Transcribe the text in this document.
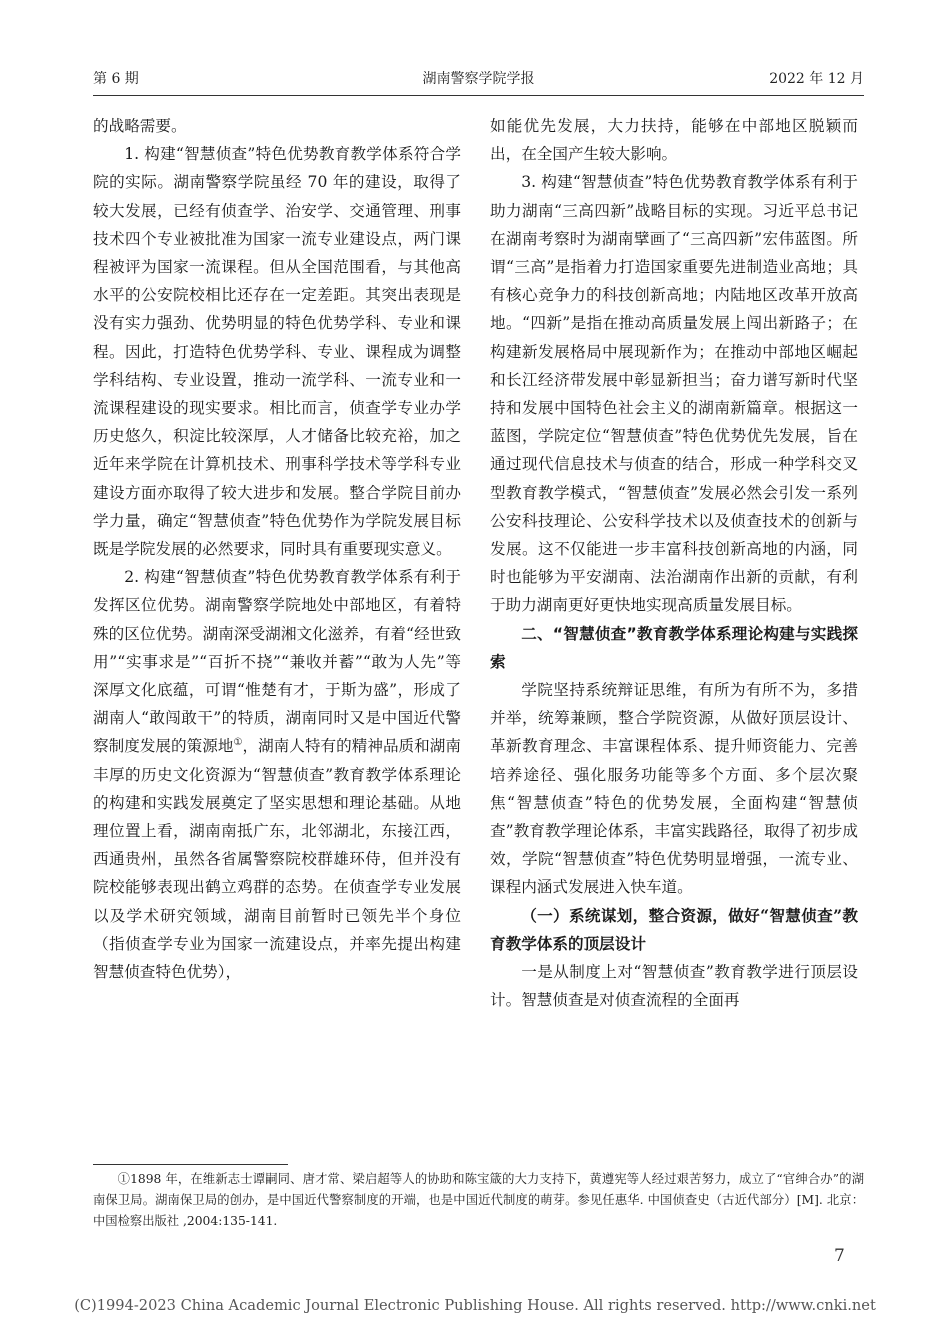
第 6 期	湖南警察学院学报	2022 年 12 月

的战略需要。

1. 构建“智慧侦查”特色优势教育教学体系符合学院的实际。湖南警察学院虽经 70 年的建设，取得了较大发展，已经有侦查学、治安学、交通管理、刑事技术四个专业被批准为国家一流专业建设点，两门课程被评为国家一流课程。但从全国范围看，与其他高水平的公安院校相比还存在一定差距。其突出表现是没有实力强劲、优势明显的特色优势学科、专业和课程。因此，打造特色优势学科、专业、课程成为调整学科结构、专业设置，推动一流学科、一流专业和一流课程建设的现实要求。相比而言，侦查学专业办学历史悠久，积淀比较深厚，人才储备比较充裕，加之近年来学院在计算机技术、刑事科学技术等学科专业建设方面亦取得了较大进步和发展。整合学院目前办学力量，确定“智慧侦查”特色优势作为学院发展目标既是学院发展的必然要求，同时具有重要现实意义。

2. 构建“智慧侦查”特色优势教育教学体系有利于发挥区位优势。湖南警察学院地处中部地区，有着特殊的区位优势。湖南深受湖湘文化滋养，有着“经世致用”“实事求是”“百折不挠”“兼收并蓄”“敢为人先”等深厚文化底蕴，可谓“惟楚有才，于斯为盛”，形成了湖南人“敢闯敢干”的特质，湖南同时又是中国近代警察制度发展的策源地①，湖南人特有的精神品质和湖南丰厚的历史文化资源为“智慧侦查”教育教学体系理论的构建和实践发展奠定了坚实思想和理论基础。从地理位置上看，湖南南抵广东，北邻湖北，东接江西，西通贵州，虽然各省属警察院校群雄环侍，但并没有院校能够表现出鹤立鸡群的态势。在侦查学专业发展以及学术研究领域，湖南目前暂时已领先半个身位（指侦查学专业为国家一流建设点，并率先提出构建智慧侦查特色优势），

如能优先发展，大力扶持，能够在中部地区脱颖而出，在全国产生较大影响。

3. 构建“智慧侦查”特色优势教育教学体系有利于助力湖南“三高四新”战略目标的实现。习近平总书记在湖南考察时为湖南擘画了“三高四新”宏伟蓝图。所谓“三高”是指着力打造国家重要先进制造业高地；具有核心竞争力的科技创新高地；内陆地区改革开放高地。“四新”是指在推动高质量发展上闯出新路子；在构建新发展格局中展现新作为；在推动中部地区崛起和长江经济带发展中彰显新担当；奋力谱写新时代坚持和发展中国特色社会主义的湖南新篇章。根据这一蓝图，学院定位“智慧侦查”特色优势优先发展，旨在通过现代信息技术与侦查的结合，形成一种学科交叉型教育教学模式，“智慧侦查”发展必然会引发一系列公安科技理论、公安科学技术以及侦查技术的创新与发展。这不仅能进一步丰富科技创新高地的内涵，同时也能够为平安湖南、法治湖南作出新的贡献，有利于助力湖南更好更快地实现高质量发展目标。

二、“智慧侦查”教育教学体系理论构建与实践探索

学院坚持系统辩证思维，有所为有所不为，多措并举，统筹兼顾，整合学院资源，从做好顶层设计、革新教育理念、丰富课程体系、提升师资能力、完善培养途径、强化服务功能等多个方面、多个层次聚焦“智慧侦查”特色的优势发展，全面构建“智慧侦查”教育教学理论体系，丰富实践路径，取得了初步成效，学院“智慧侦查”特色优势明显增强，一流专业、课程内涵式发展进入快车道。

（一）系统谋划，整合资源，做好“智慧侦查”教育教学体系的顶层设计

一是从制度上对“智慧侦查”教育教学进行顶层设计。智慧侦查是对侦查流程的全面再

①1898 年，在维新志士谭嗣同、唐才常、梁启超等人的协助和陈宝箴的大力支持下，黄遵宪等人经过艰苦努力，成立了“官绅合办”的湖南保卫局。湖南保卫局的创办，是中国近代警察制度的开端，也是中国近代制度的萌芽。参见任惠华. 中国侦查史（古近代部分）[M]. 北京：中国检察出版社 ,2004:135-141.
7
(C)1994-2023 China Academic Journal Electronic Publishing House. All rights reserved. http://www.cnki.net
